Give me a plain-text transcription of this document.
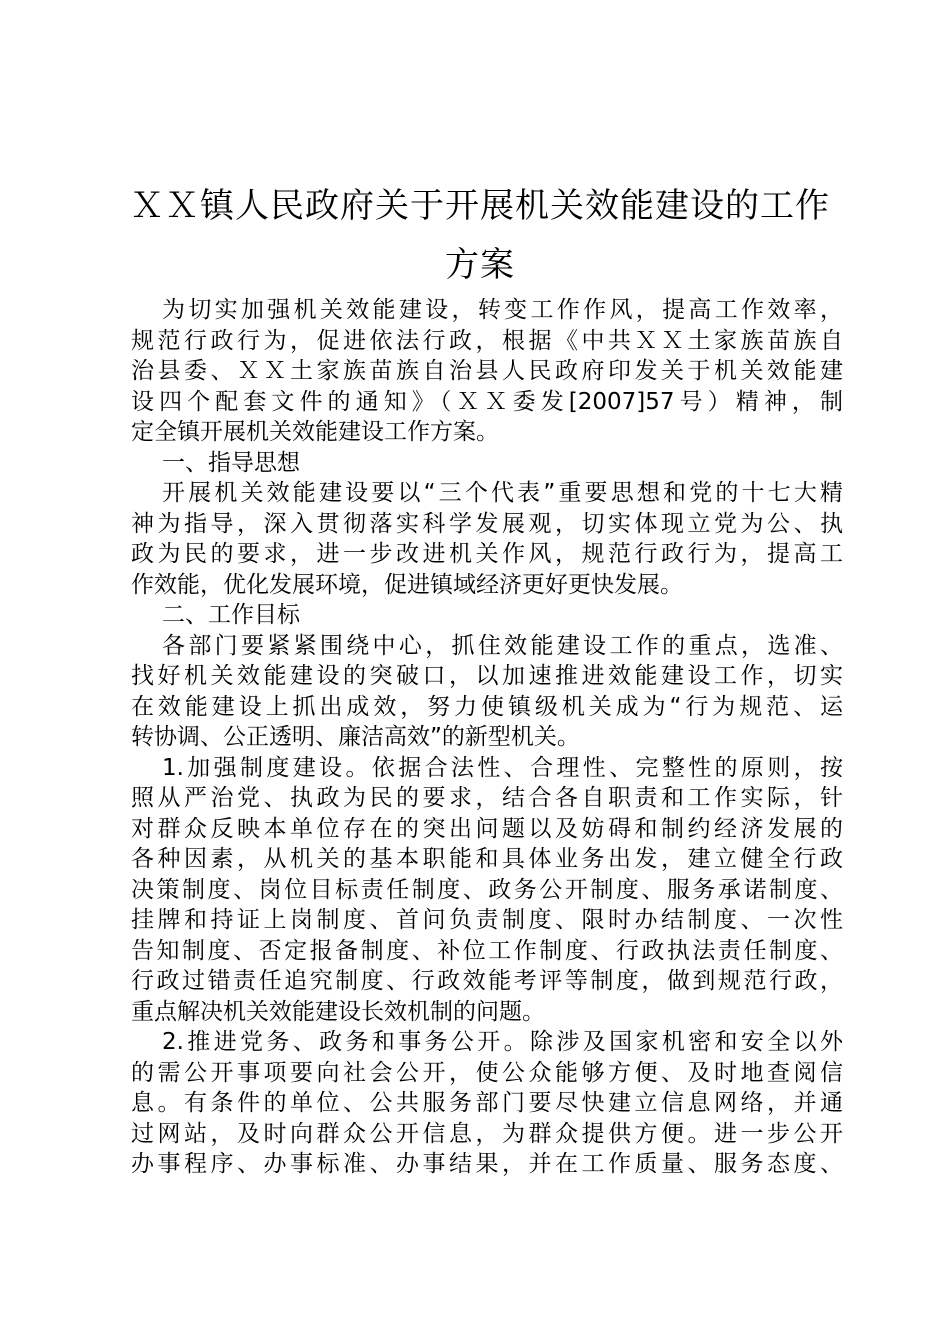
ＸＸ镇人民政府关于开展机关效能建设的工作
方案
为切实加强机关效能建设，转变工作作风，提高工作效率，
规范行政行为，促进依法行政，根据《中共ＸＸ土家族苗族自
治县委、ＸＸ土家族苗族自治县人民政府印发关于机关效能建
设四个配套文件的通知》（ＸＸ委发[2007]57号）精神，制
定全镇开展机关效能建设工作方案。
一、指导思想
开展机关效能建设要以“三个代表”重要思想和党的十七大精
神为指导，深入贯彻落实科学发展观，切实体现立党为公、执
政为民的要求，进一步改进机关作风，规范行政行为，提高工
作效能，优化发展环境，促进镇域经济更好更快发展。
二、工作目标
各部门要紧紧围绕中心，抓住效能建设工作的重点，选准、
找好机关效能建设的突破口，以加速推进效能建设工作，切实
在效能建设上抓出成效，努力使镇级机关成为“行为规范、运
转协调、公正透明、廉洁高效”的新型机关。
1.加强制度建设。依据合法性、合理性、完整性的原则，按
照从严治党、执政为民的要求，结合各自职责和工作实际，针
对群众反映本单位存在的突出问题以及妨碍和制约经济发展的
各种因素，从机关的基本职能和具体业务出发，建立健全行政
决策制度、岗位目标责任制度、政务公开制度、服务承诺制度、
挂牌和持证上岗制度、首问负责制度、限时办结制度、一次性
告知制度、否定报备制度、补位工作制度、行政执法责任制度、
行政过错责任追究制度、行政效能考评等制度，做到规范行政，
重点解决机关效能建设长效机制的问题。
2.推进党务、政务和事务公开。除涉及国家机密和安全以外
的需公开事项要向社会公开，使公众能够方便、及时地查阅信
息。有条件的单位、公共服务部门要尽快建立信息网络，并通
过网站，及时向群众公开信息，为群众提供方便。进一步公开
办事程序、办事标准、办事结果，并在工作质量、服务态度、
